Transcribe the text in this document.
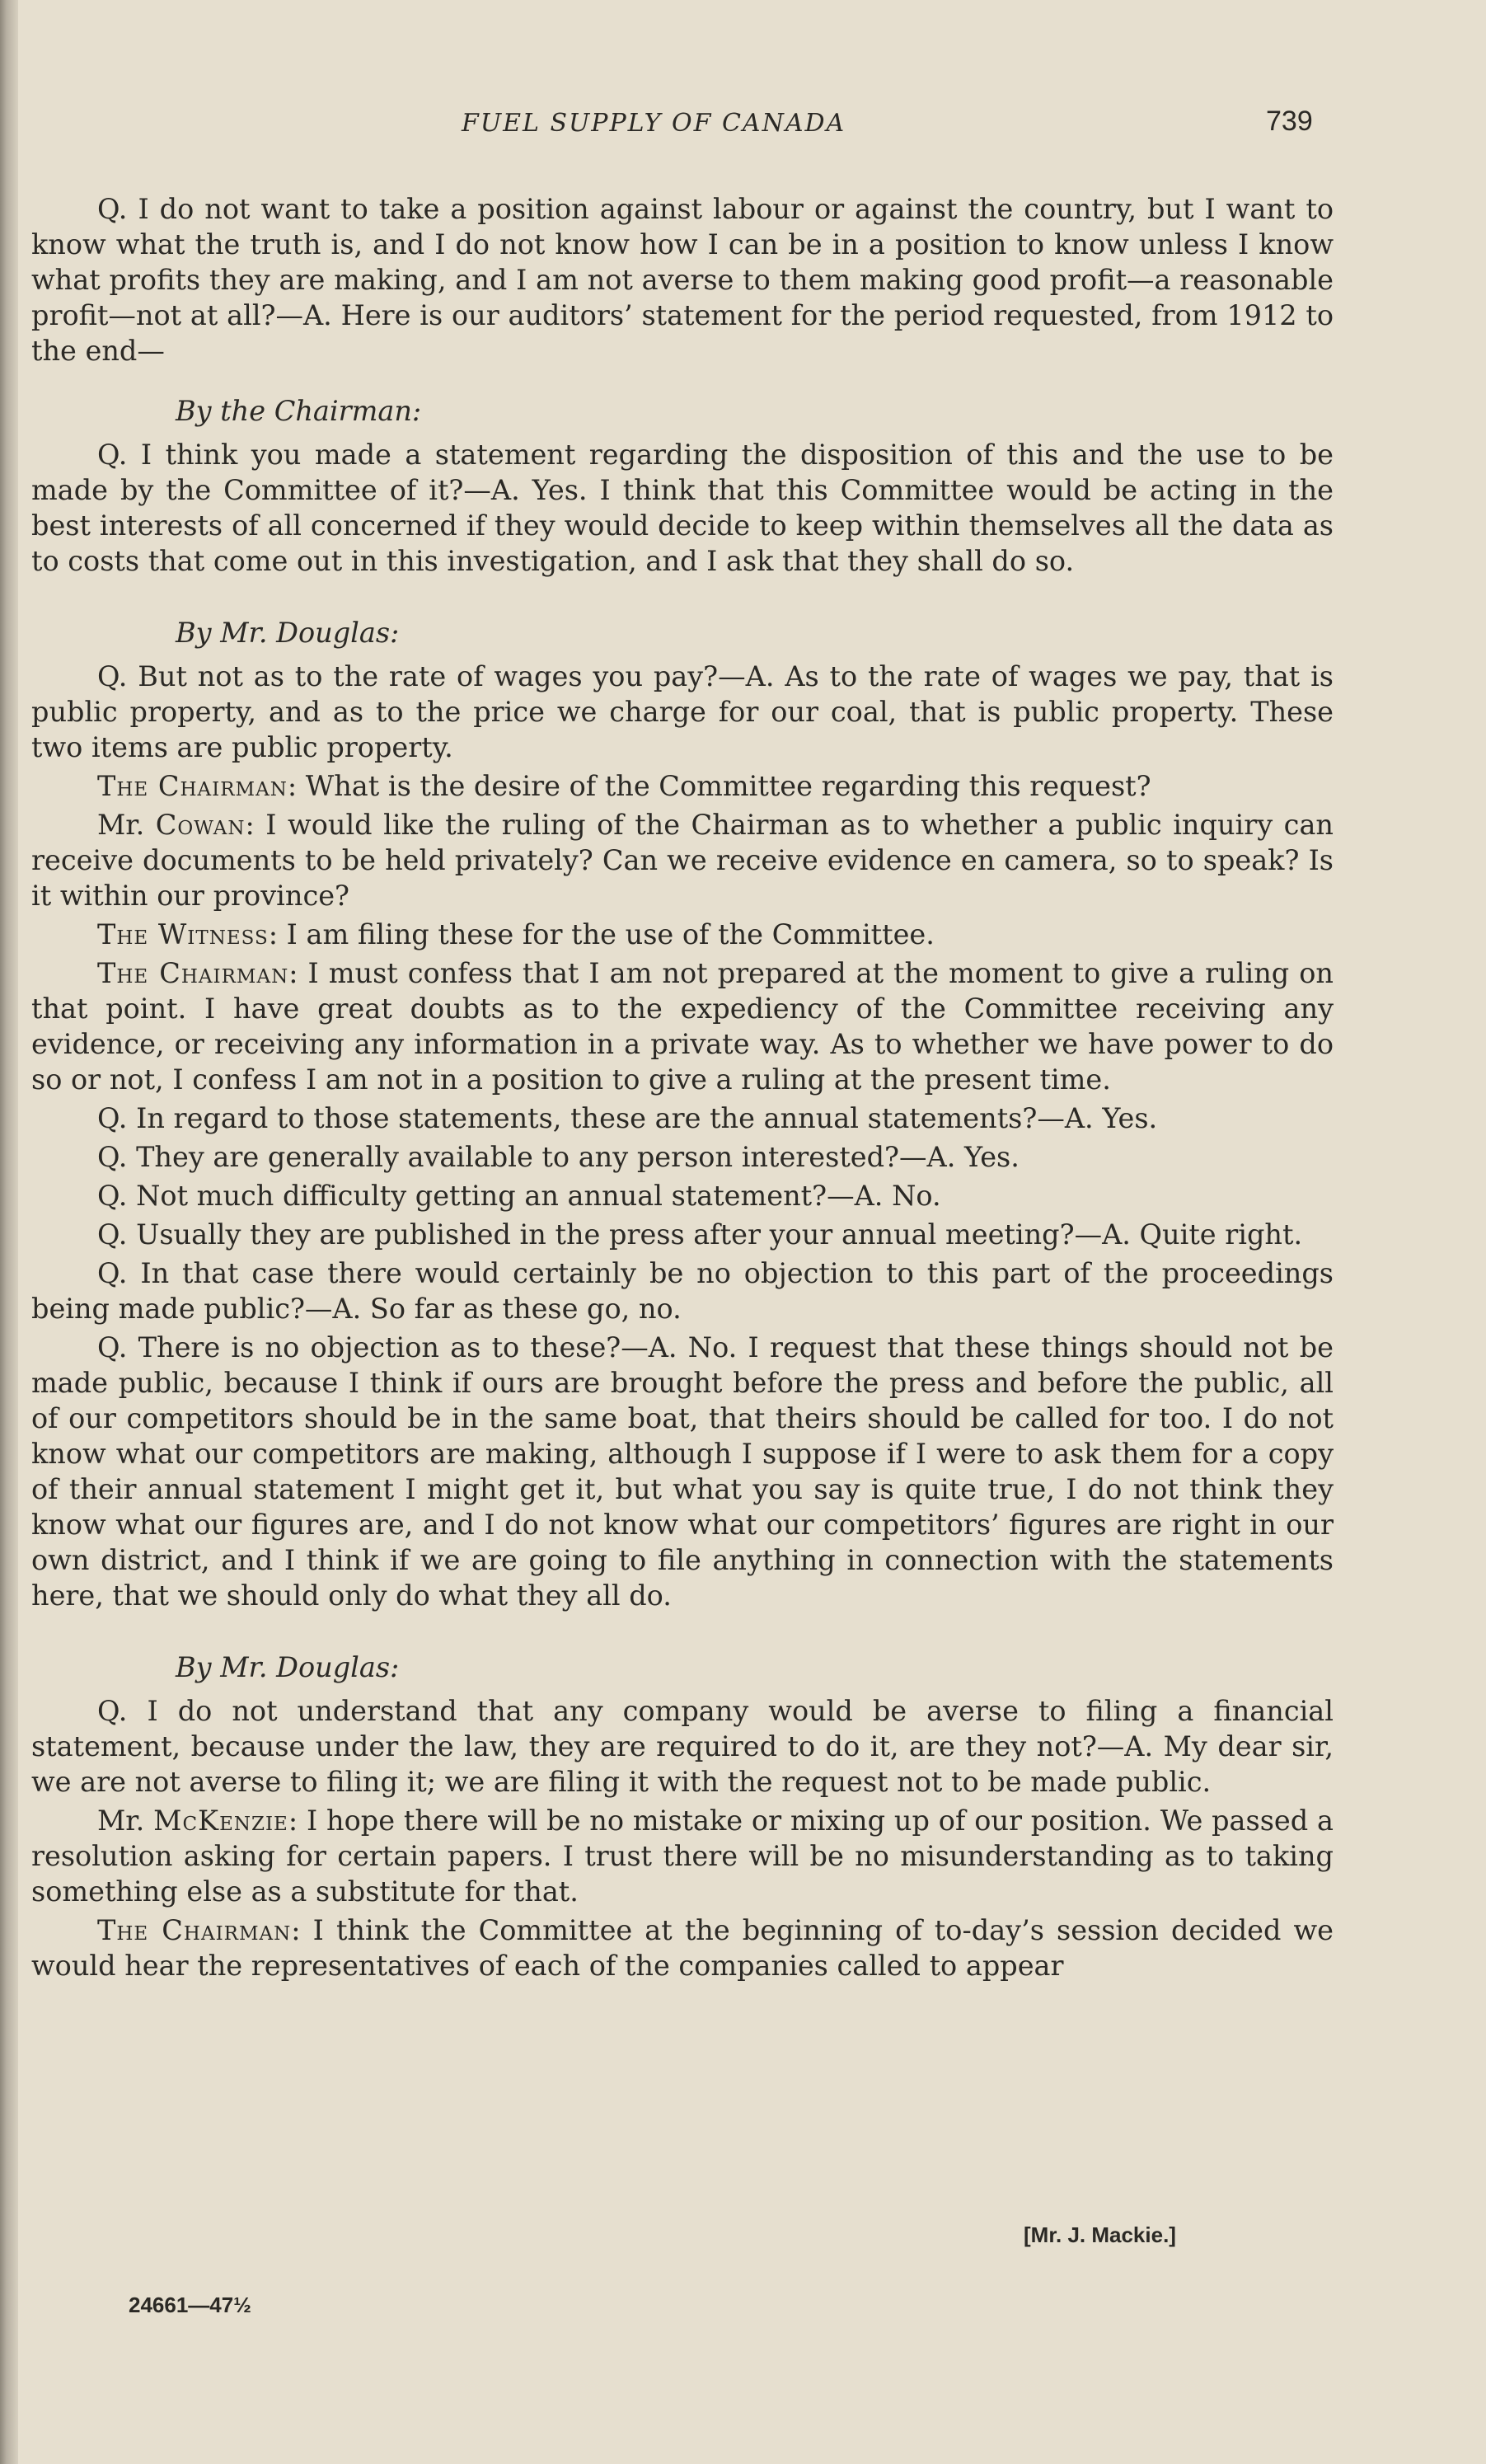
FUEL SUPPLY OF CANADA	739

Q. I do not want to take a position against labour or against the country, but I want to know what the truth is, and I do not know how I can be in a position to know unless I know what profits they are making, and I am not averse to them making good profit—a reasonable profit—not at all?—A. Here is our auditors’ statement for the period requested, from 1912 to the end—

By the Chairman:

Q. I think you made a statement regarding the disposition of this and the use to be made by the Committee of it?—A. Yes. I think that this Committee would be acting in the best interests of all concerned if they would decide to keep within themselves all the data as to costs that come out in this investigation, and I ask that they shall do so.

By Mr. Douglas:

Q. But not as to the rate of wages you pay?—A. As to the rate of wages we pay, that is public property, and as to the price we charge for our coal, that is public property. These two items are public property.

The Chairman: What is the desire of the Committee regarding this request?

Mr. Cowan: I would like the ruling of the Chairman as to whether a public inquiry can receive documents to be held privately? Can we receive evidence en camera, so to speak? Is it within our province?

The Witness: I am filing these for the use of the Committee.

The Chairman: I must confess that I am not prepared at the moment to give a ruling on that point. I have great doubts as to the expediency of the Committee receiving any evidence, or receiving any information in a private way. As to whether we have power to do so or not, I confess I am not in a position to give a ruling at the present time.

Q. In regard to those statements, these are the annual statements?—A. Yes.

Q. They are generally available to any person interested?—A. Yes.

Q. Not much difficulty getting an annual statement?—A. No.

Q. Usually they are published in the press after your annual meeting?—A. Quite right.

Q. In that case there would certainly be no objection to this part of the proceedings being made public?—A. So far as these go, no.

Q. There is no objection as to these?—A. No. I request that these things should not be made public, because I think if ours are brought before the press and before the public, all of our competitors should be in the same boat, that theirs should be called for too. I do not know what our competitors are making, although I suppose if I were to ask them for a copy of their annual statement I might get it, but what you say is quite true, I do not think they know what our figures are, and I do not know what our competitors’ figures are right in our own district, and I think if we are going to file anything in connection with the statements here, that we should only do what they all do.

By Mr. Douglas:

Q. I do not understand that any company would be averse to filing a financial statement, because under the law, they are required to do it, are they not?—A. My dear sir, we are not averse to filing it; we are filing it with the request not to be made public.

Mr. McKenzie: I hope there will be no mistake or mixing up of our position. We passed a resolution asking for certain papers. I trust there will be no misunderstanding as to taking something else as a substitute for that.

The Chairman: I think the Committee at the beginning of to-day’s session decided we would hear the representatives of each of the companies called to appear

[Mr. J. Mackie.]
24661—47½
